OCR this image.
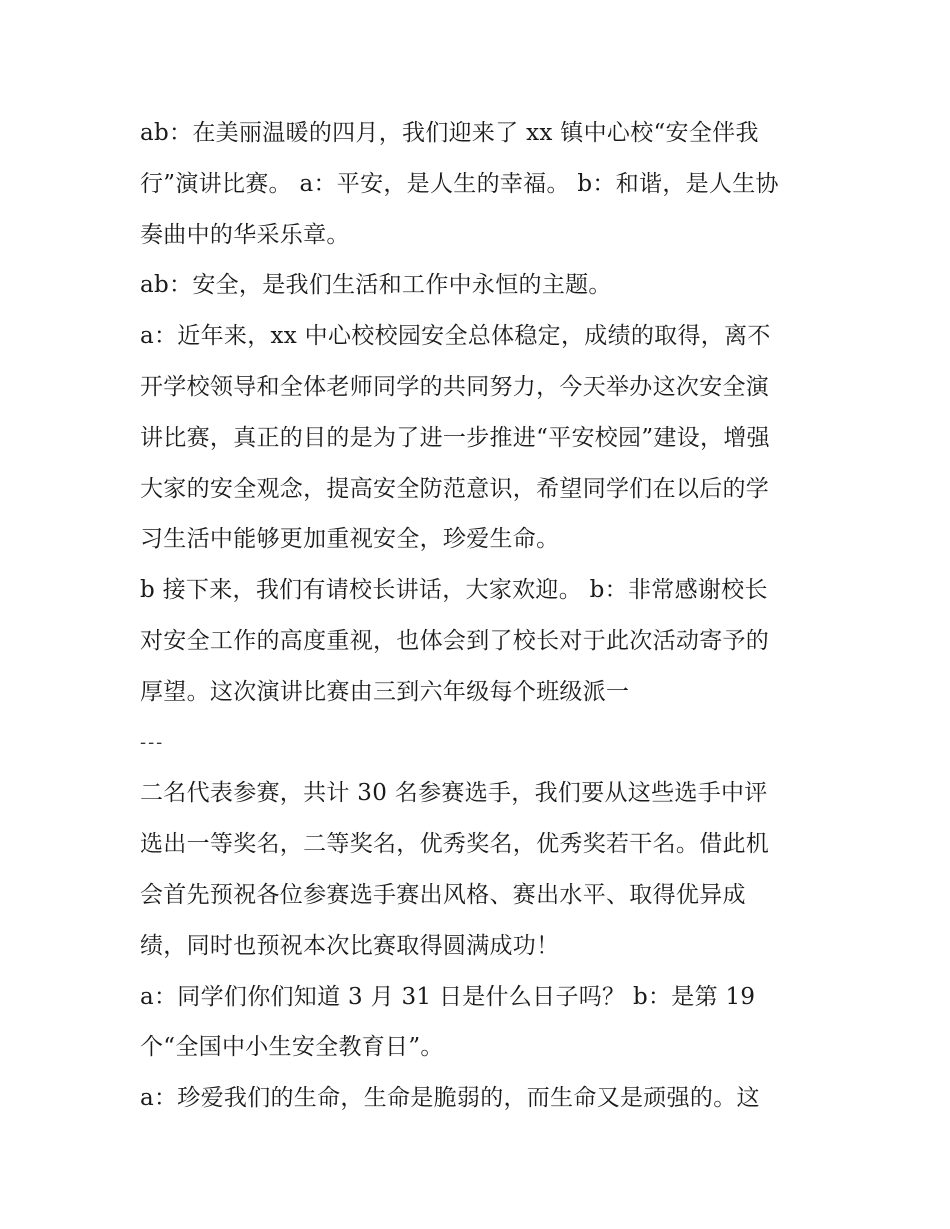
ab：在美丽温暖的四月，我们迎来了 xx 镇中心校“安全伴我
行”演讲比赛。 a：平安，是人生的幸福。 b：和谐，是人生协
奏曲中的华采乐章。
ab：安全，是我们生活和工作中永恒的主题。
a：近年来，xx 中心校校园安全总体稳定，成绩的取得，离不
开学校领导和全体老师同学的共同努力，今天举办这次安全演
讲比赛，真正的目的是为了进一步推进“平安校园”建设，增强
大家的安全观念，提高安全防范意识，希望同学们在以后的学
习生活中能够更加重视安全，珍爱生命。
b 接下来，我们有请校长讲话，大家欢迎。 b：非常感谢校长
对安全工作的高度重视，也体会到了校长对于此次活动寄予的
厚望。这次演讲比赛由三到六年级每个班级派一
---
二名代表参赛，共计 30 名参赛选手，我们要从这些选手中评
选出一等奖名，二等奖名，优秀奖名，优秀奖若干名。借此机
会首先预祝各位参赛选手赛出风格、赛出水平、取得优异成
绩，同时也预祝本次比赛取得圆满成功！
a：同学们你们知道 3 月 31 日是什么日子吗？ b：是第 19
个“全国中小生安全教育日”。
a：珍爱我们的生命，生命是脆弱的，而生命又是顽强的。这
